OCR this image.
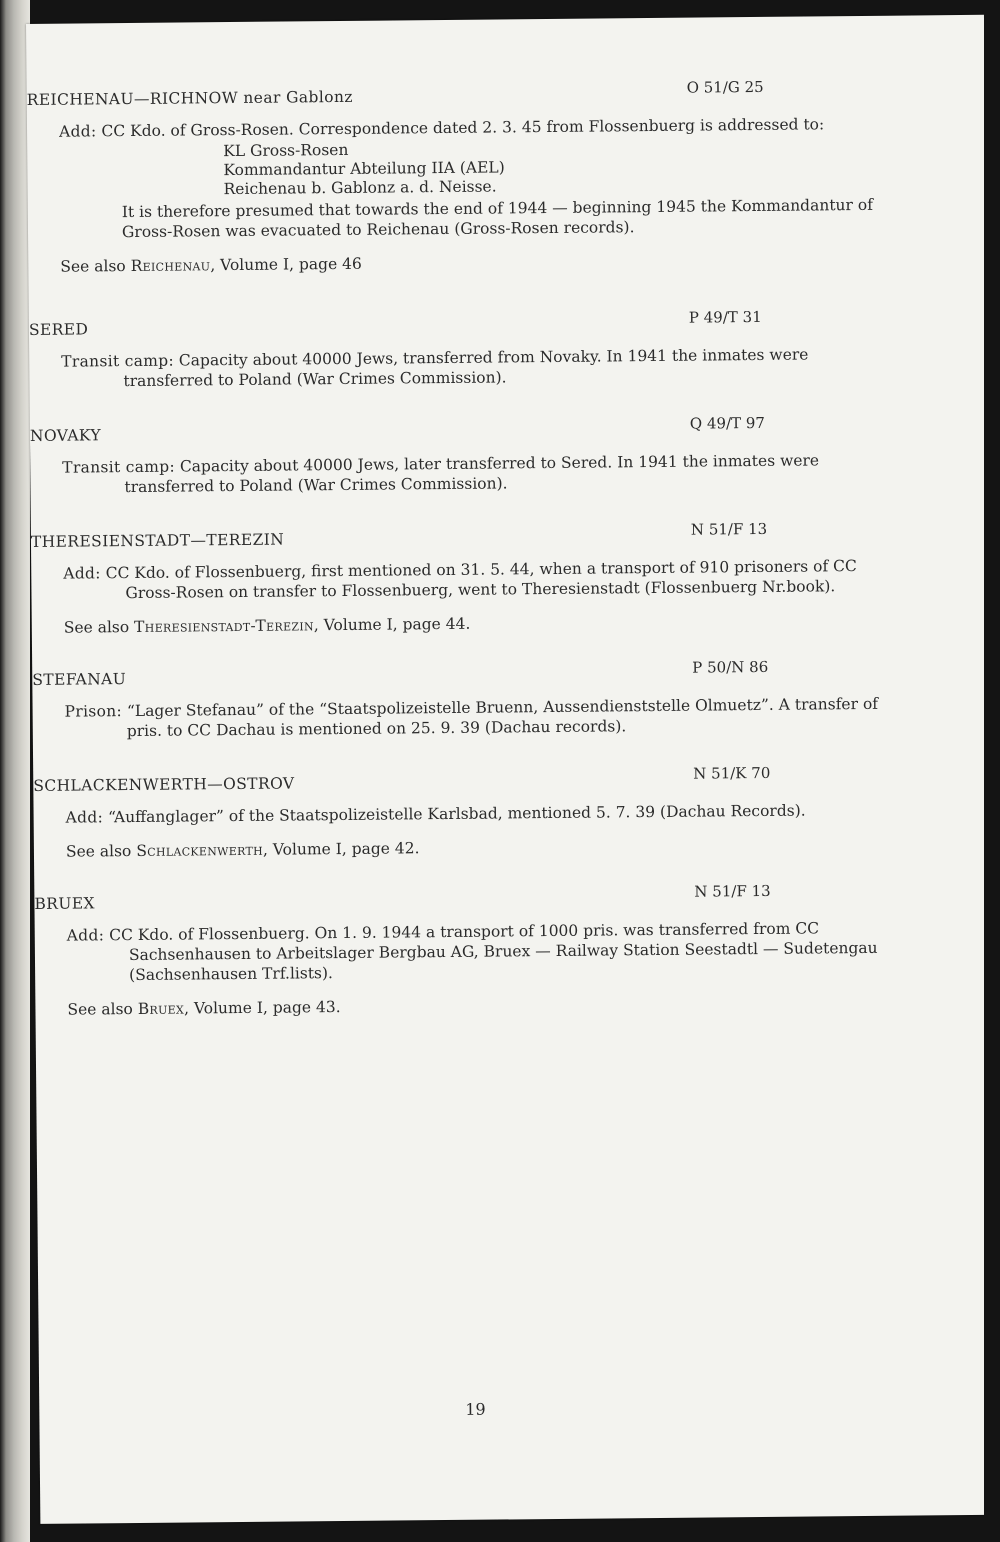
REICHENAU—RICHNOW near Gablonz
O 51/G 25
Add: CC Kdo. of Gross-Rosen. Correspondence dated 2. 3. 45 from Flossenbuerg is addressed to:
KL Gross-Rosen
Kommandantur Abteilung IIA (AEL)
Reichenau b. Gablonz a. d. Neisse.
It is therefore presumed that towards the end of 1944 — beginning 1945 the Kommandantur of Gross-Rosen was evacuated to Reichenau (Gross-Rosen records).
See also Reichenau, Volume I, page 46
SERED
P 49/T 31
Transit camp: Capacity about 40000 Jews, transferred from Novaky. In 1941 the inmates were transferred to Poland (War Crimes Commission).
NOVAKY
Q 49/T 97
Transit camp: Capacity about 40000 Jews, later transferred to Sered. In 1941 the inmates were transferred to Poland (War Crimes Commission).
THERESIENSTADT—TEREZIN
N 51/F 13
Add: CC Kdo. of Flossenbuerg, first mentioned on 31. 5. 44, when a transport of 910 prisoners of CC Gross-Rosen on transfer to Flossenbuerg, went to Theresienstadt (Flossenbuerg Nr.book).
See also Theresienstadt-Terezin, Volume I, page 44.
STEFANAU
P 50/N 86
Prison: “Lager Stefanau” of the “Staatspolizeistelle Bruenn, Aussendienststelle Olmuetz”. A transfer of pris. to CC Dachau is mentioned on 25. 9. 39 (Dachau records).
SCHLACKENWERTH—OSTROV
N 51/K 70
Add: “Auffanglager” of the Staatspolizeistelle Karlsbad, mentioned 5. 7. 39 (Dachau Records).
See also Schlackenwerth, Volume I, page 42.
BRUEX
N 51/F 13
Add: CC Kdo. of Flossenbuerg. On 1. 9. 1944 a transport of 1000 pris. was transferred from CC Sachsenhausen to Arbeitslager Bergbau AG, Bruex — Railway Station Seestadtl — Sudetengau (Sachsenhausen Trf.lists).
See also Bruex, Volume I, page 43.
19
